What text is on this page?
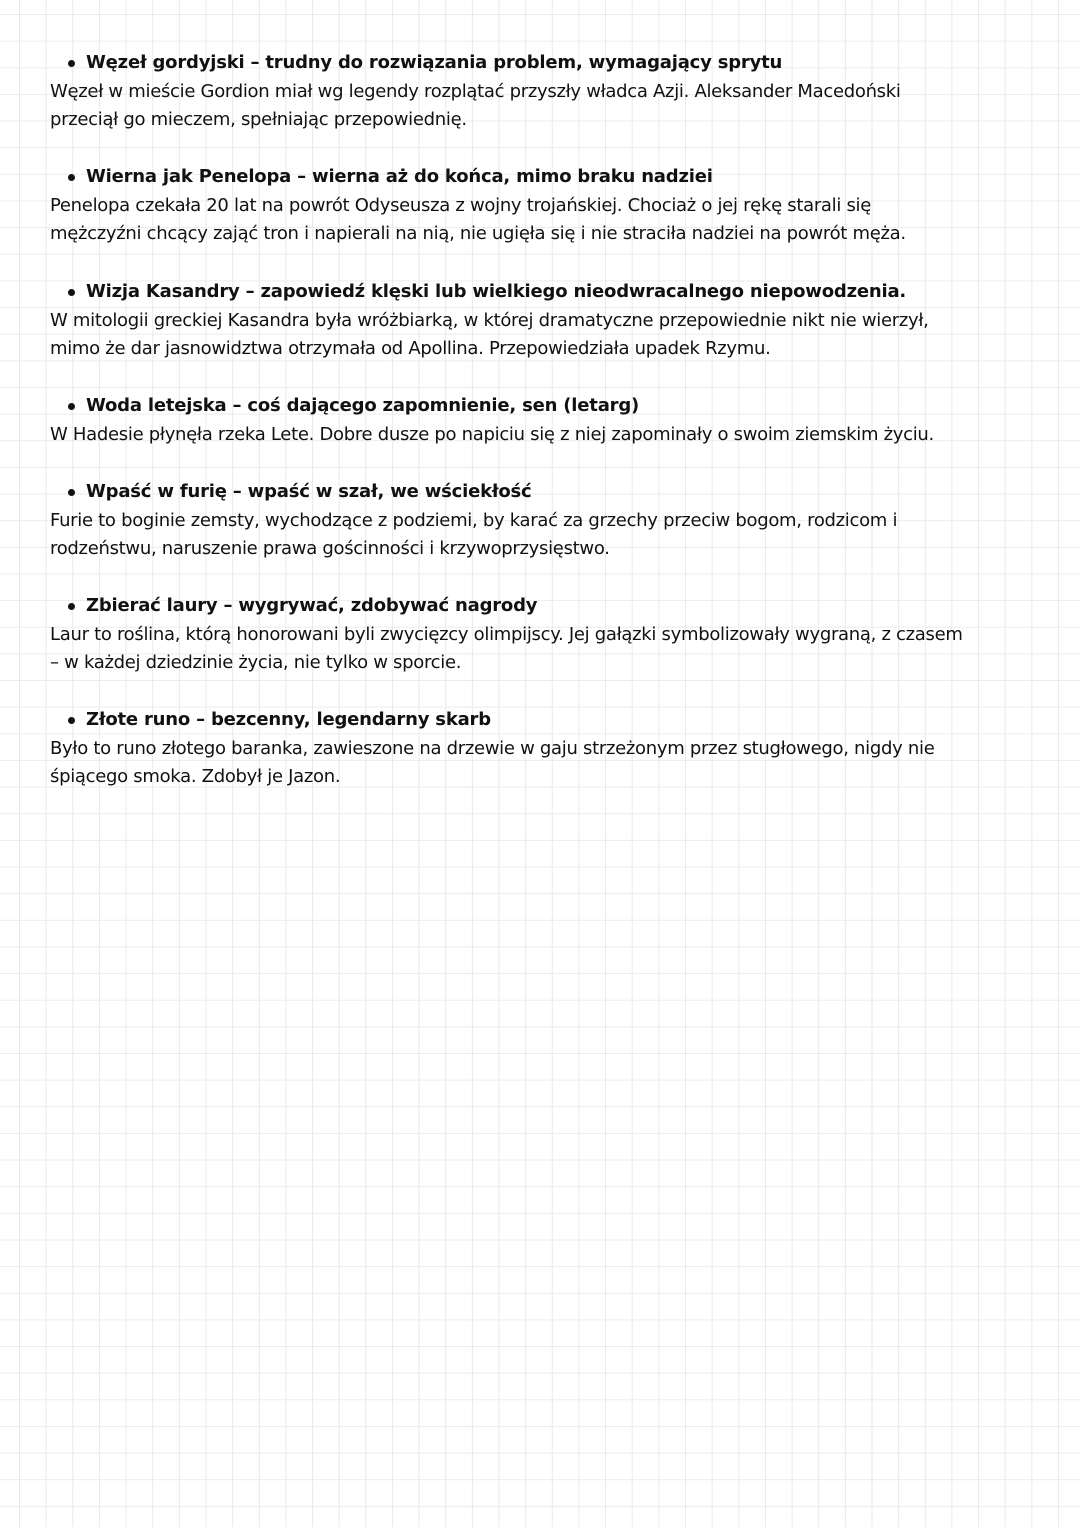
Węzeł gordyjski – trudny do rozwiązania problem, wymagający sprytu
Węzeł w mieście Gordion miał wg legendy rozplątać przyszły władca Azji. Aleksander Macedoński
przeciął go mieczem, spełniając przepowiednię.
Wierna jak Penelopa – wierna aż do końca, mimo braku nadziei
Penelopa czekała 20 lat na powrót Odyseusza z wojny trojańskiej. Chociaż o jej rękę starali się
mężczyźni chcący zająć tron i napierali na nią, nie ugięła się i nie straciła nadziei na powrót męża.
Wizja Kasandry – zapowiedź klęski lub wielkiego nieodwracalnego niepowodzenia.
W mitologii greckiej Kasandra była wróżbiarką, w której dramatyczne przepowiednie nikt nie wierzył,
mimo że dar jasnowidztwa otrzymała od Apollina. Przepowiedziała upadek Rzymu.
Woda letejska – coś dającego zapomnienie, sen (letarg)
W Hadesie płynęła rzeka Lete. Dobre dusze po napiciu się z niej zapominały o swoim ziemskim życiu.
Wpaść w furię – wpaść w szał, we wściekłość
Furie to boginie zemsty, wychodzące z podziemi, by karać za grzechy przeciw bogom, rodzicom i
rodzeństwu, naruszenie prawa gościnności i krzywoprzysięstwo.
Zbierać laury – wygrywać, zdobywać nagrody
Laur to roślina, którą honorowani byli zwycięzcy olimpijscy. Jej gałązki symbolizowały wygraną, z czasem
– w każdej dziedzinie życia, nie tylko w sporcie.
Złote runo – bezcenny, legendarny skarb
Było to runo złotego baranka, zawieszone na drzewie w gaju strzeżonym przez stugłowego, nigdy nie
śpiącego smoka. Zdobył je Jazon.
